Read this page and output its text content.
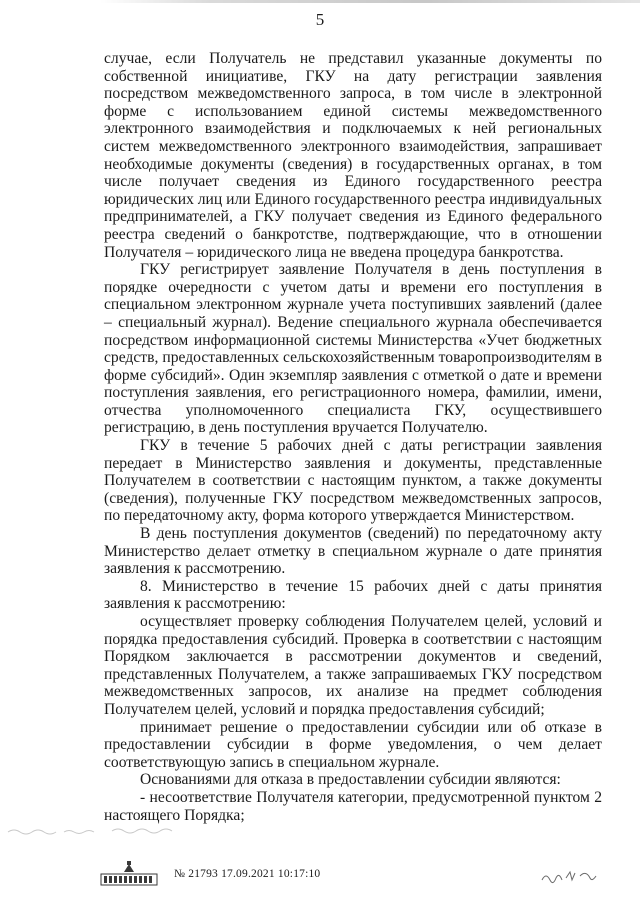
5

случае, если Получатель не представил указанные документы по собственной инициативе, ГКУ на дату регистрации заявления посредством межведомственного запроса, в том числе в электронной форме с использованием единой системы межведомственного электронного взаимодействия и подключаемых к ней региональных систем межведомственного электронного взаимодействия, запрашивает необходимые документы (сведения) в государственных органах, в том числе получает сведения из Единого государственного реестра юридических лиц или Единого государственного реестра индивидуальных предпринимателей, а ГКУ получает сведения из Единого федерального реестра сведений о банкротстве, подтверждающие, что в отношении Получателя – юридического лица не введена процедура банкротства.

ГКУ регистрирует заявление Получателя в день поступления в порядке очередности с учетом даты и времени его поступления в специальном электронном журнале учета поступивших заявлений (далее – специальный журнал). Ведение специального журнала обеспечивается посредством информационной системы Министерства «Учет бюджетных средств, предоставленных сельскохозяйственным товаропроизводителям в форме субсидий». Один экземпляр заявления с отметкой о дате и времени поступления заявления, его регистрационного номера, фамилии, имени, отчества уполномоченного специалиста ГКУ, осуществившего регистрацию, в день поступления вручается Получателю.

ГКУ в течение 5 рабочих дней с даты регистрации заявления передает в Министерство заявления и документы, представленные Получателем в соответствии с настоящим пунктом, а также документы (сведения), полученные ГКУ посредством межведомственных запросов, по передаточному акту, форма которого утверждается Министерством.

В день поступления документов (сведений) по передаточному акту Министерство делает отметку в специальном журнале о дате принятия заявления к рассмотрению.

8. Министерство в течение 15 рабочих дней с даты принятия заявления к рассмотрению:

осуществляет проверку соблюдения Получателем целей, условий и порядка предоставления субсидий. Проверка в соответствии с настоящим Порядком заключается в рассмотрении документов и сведений, представленных Получателем, а также запрашиваемых ГКУ посредством межведомственных запросов, их анализе на предмет соблюдения Получателем целей, условий и порядка предоставления субсидий;

принимает решение о предоставлении субсидии или об отказе в предоставлении субсидии в форме уведомления, о чем делает соответствующую запись в специальном журнале.

Основаниями для отказа в предоставлении субсидии являются:

- несоответствие Получателя категории, предусмотренной пунктом 2 настоящего Порядка;

№ 21793 17.09.2021 10:17:10
